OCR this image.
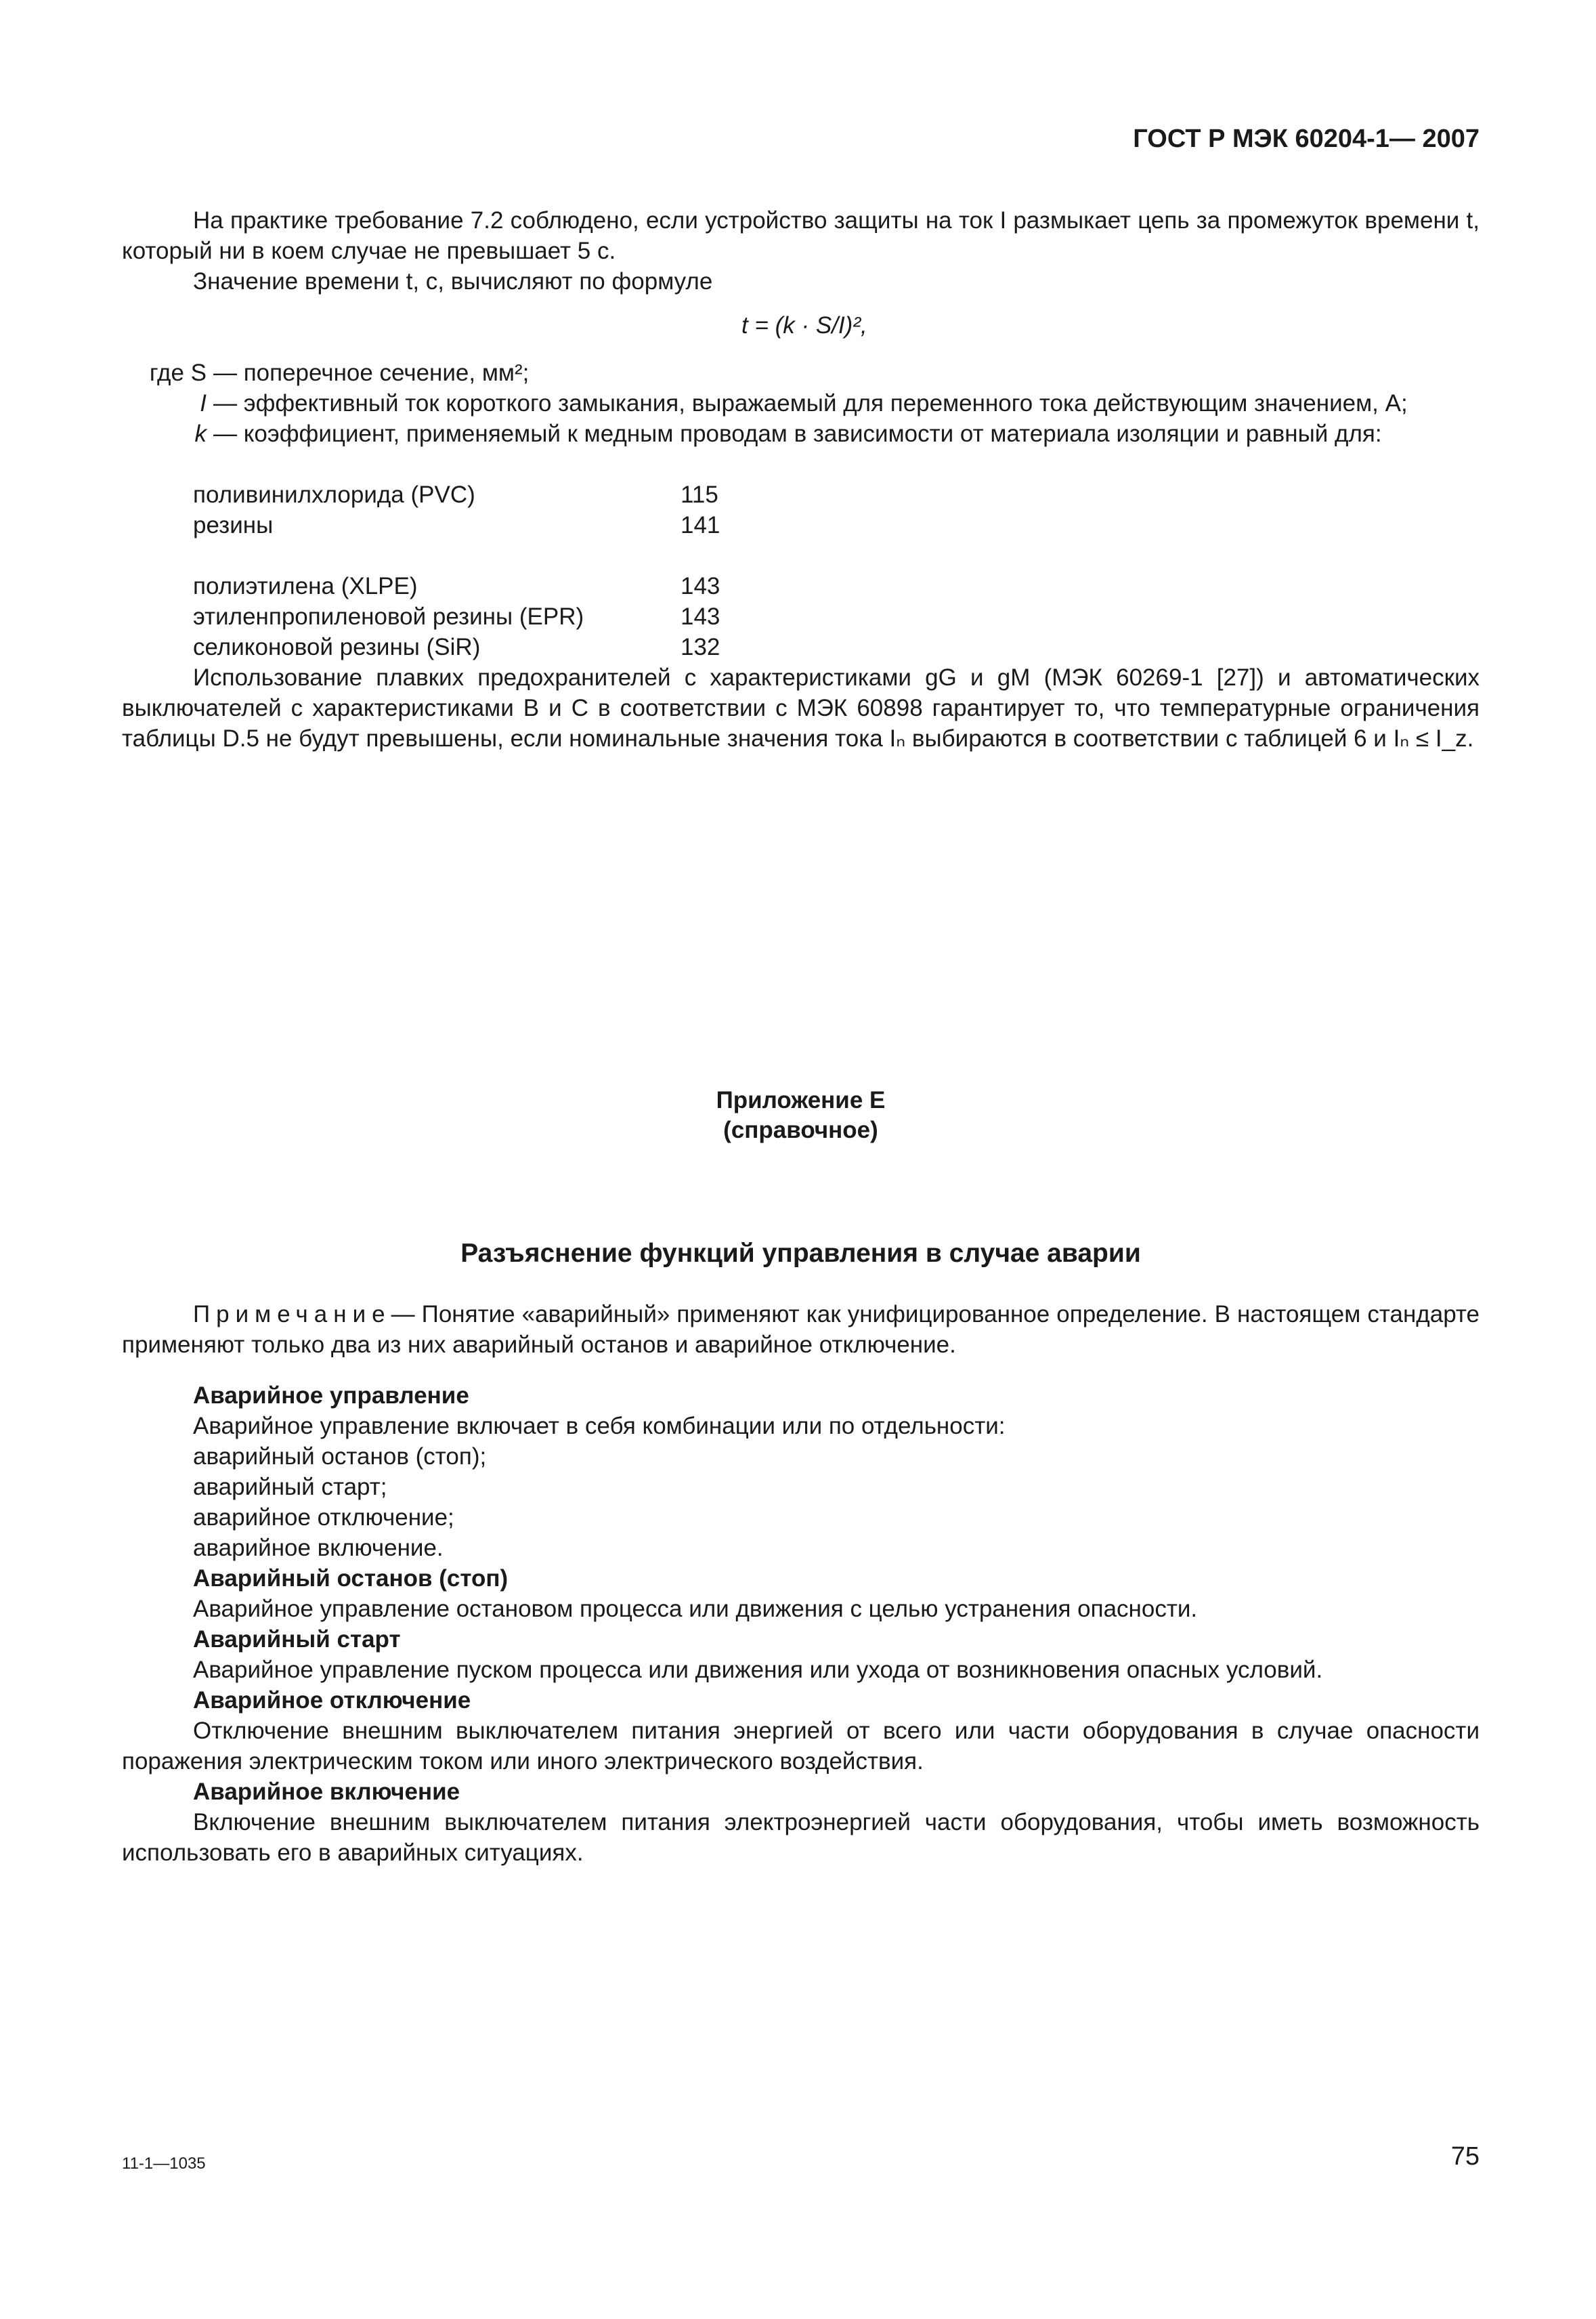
ГОСТ Р МЭК 60204-1— 2007

На практике требование 7.2 соблюдено, если устройство защиты на ток I размыкает цепь за промежуток времени t, который ни в коем случае не превышает 5 с.

Значение времени t, с, вычисляют по формуле

t = (k · S/I)²,
где S — поперечное сечение, мм²;
I — эффективный ток короткого замыкания, выражаемый для переменного тока действующим значением, А;
k — коэффициент, применяемый к медным проводам в зависимости от материала изоляции и равный для:
поливинилхлорида (PVC)	115
резины	141
полиэтилена (XLPE)	143
этиленпропиленовой резины (EPR)	143
селиконовой резины (SiR)	132

Использование плавких предохранителей с характеристиками gG и gM (МЭК 60269-1 [27]) и автоматических выключателей с характеристиками В и С в соответствии с МЭК 60898 гарантирует то, что температурные ограничения таблицы D.5 не будут превышены, если номинальные значения тока Iₙ выбираются в соответствии с таблицей 6 и Iₙ ≤ I_z.

Приложение Е
(справочное)
Разъяснение функций управления в случае аварии

Примечание— Понятие «аварийный» применяют как унифицированное определение. В настоящем стандарте применяют только два из них аварийный останов и аварийное отключение.

Аварийное управление
Аварийное управление включает в себя комбинации или по отдельности:
аварийный останов (стоп);
аварийный старт;
аварийное отключение;
аварийное включение.
Аварийный останов (стоп)
Аварийное управление остановом процесса или движения с целью устранения опасности.
Аварийный старт
Аварийное управление пуском процесса или движения или ухода от возникновения опасных условий.
Аварийное отключение

Отключение внешним выключателем питания энергией от всего или части оборудования в случае опасности поражения электрическим током или иного электрического воздействия.

Аварийное включение

Включение внешним выключателем питания электроэнергией части оборудования, чтобы иметь возможность использовать его в аварийных ситуациях.

11-1—1035	75
